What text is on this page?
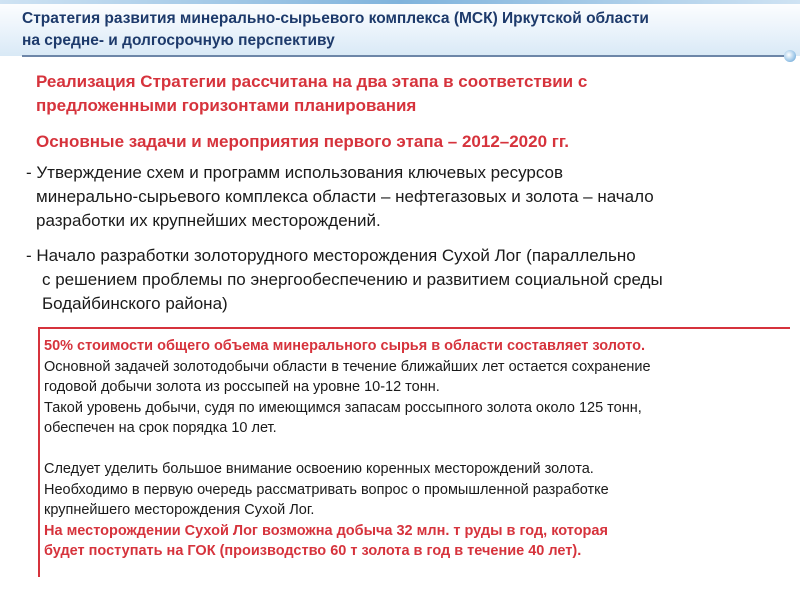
Стратегия развития минерально-сырьевого комплекса (МСК) Иркутской области
на средне- и долгосрочную перспективу
Реализация Стратегии рассчитана на два этапа в соответствии с
предложенными горизонтами планирования
Основные задачи и мероприятия первого этапа – 2012–2020 гг.
- Утверждение схем и программ использования ключевых ресурсов
минерально-сырьевого комплекса области – нефтегазовых и золота – начало
разработки их крупнейших месторождений.
- Начало разработки золоторудного месторождения Сухой Лог (параллельно
с решением проблемы по энергообеспечению и развитием социальной среды
Бодайбинского района)
50% стоимости общего объема минерального сырья в области составляет золото.
Основной задачей золотодобычи области в течение ближайших лет остается сохранение
годовой добычи золота из россыпей на уровне 10-12 тонн.
Такой уровень добычи, судя по имеющимся запасам россыпного золота около 125 тонн,
обеспечен на срок порядка 10 лет.
Следует уделить большое внимание освоению коренных месторождений золота.
Необходимо в первую очередь рассматривать вопрос о промышленной разработке
крупнейшего месторождения Сухой Лог.
На месторождении Сухой Лог возможна добыча 32 млн. т руды в год, которая
будет поступать на ГОК (производство 60 т золота в год в течение 40 лет).
